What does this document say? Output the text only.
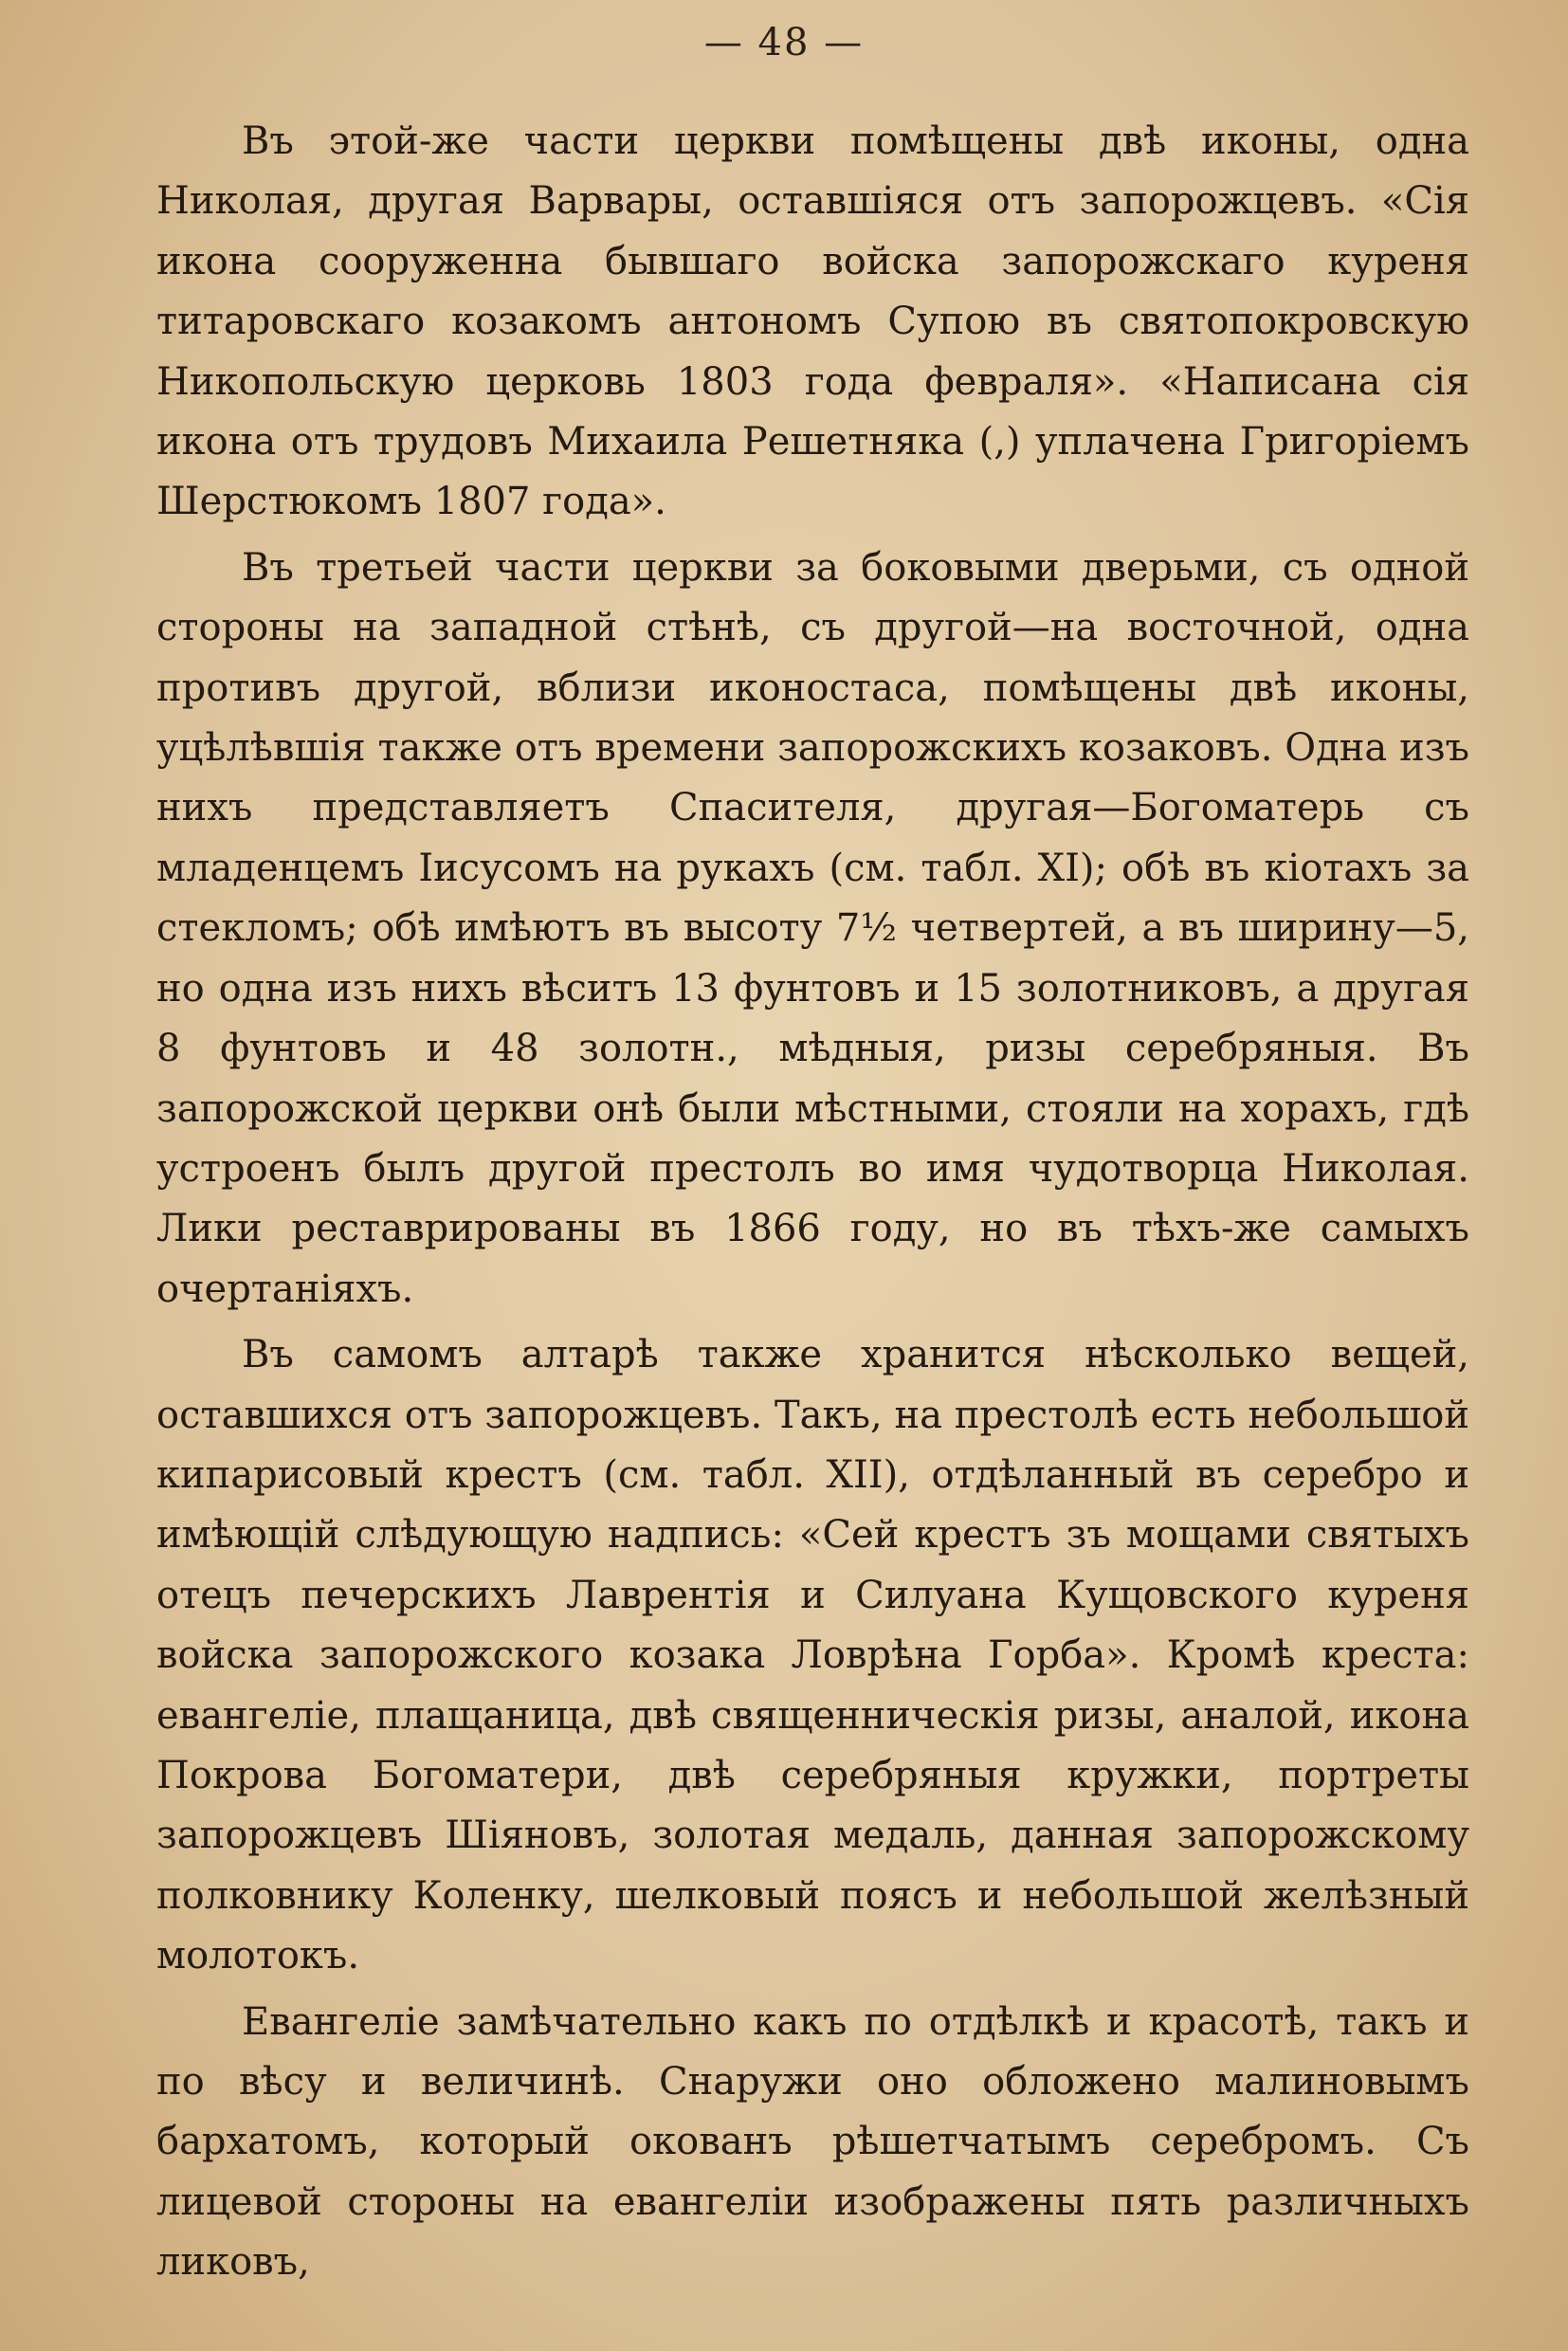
— 48 —

Въ этой-же части церкви помѣщены двѣ иконы, одна Николая, другая Варвары, оставшіяся отъ запорожцевъ. «Сія икона сооруженна бывшаго войска запорожскаго куреня титаровскаго козакомъ антономъ Супою въ святопокровскую Никопольскую церковь 1803 года февраля». «Написана сія икона отъ трудовъ Михаила Решетняка (,) уплачена Григоріемъ Шерстюкомъ 1807 года».

Въ третьей части церкви за боковыми дверьми, съ одной стороны на западной стѣнѣ, съ другой—на восточной, одна противъ другой, вблизи иконостаса, помѣщены двѣ иконы, уцѣлѣвшія также отъ времени запорожскихъ козаковъ. Одна изъ нихъ представляетъ Спасителя, другая—Богоматерь съ младенцемъ Іисусомъ на рукахъ (см. табл. XI); обѣ въ кіотахъ за стекломъ; обѣ имѣютъ въ высоту 7½ четвертей, а въ ширину—5, но одна изъ нихъ вѣситъ 13 фунтовъ и 15 золотниковъ, а другая 8 фунтовъ и 48 золотн., мѣдныя, ризы серебряныя. Въ запорожской церкви онѣ были мѣстными, стояли на хорахъ, гдѣ устроенъ былъ другой престолъ во имя чудотворца Николая. Лики реставрированы въ 1866 году, но въ тѣхъ-же самыхъ очертаніяхъ.

Въ самомъ алтарѣ также хранится нѣсколько вещей, оставшихся отъ запорожцевъ. Такъ, на престолѣ есть небольшой кипарисовый крестъ (см. табл. XII), отдѣланный въ серебро и имѣющій слѣдующую надпись: «Сей крестъ зъ мощами святыхъ отецъ печерскихъ Лаврентія и Силуана Кущовского куреня войска запорожского козака Ловрѣна Горба». Кромѣ креста: евангеліе, плащаница, двѣ священническія ризы, аналой, икона Покрова Богоматери, двѣ серебряныя кружки, портреты запорожцевъ Шіяновъ, золотая медаль, данная запорожскому полковнику Коленку, шелковый поясъ и небольшой желѣзный молотокъ.

Евангеліе замѣчательно какъ по отдѣлкѣ и красотѣ, такъ и по вѣсу и величинѣ. Снаружи оно обложено малиновымъ бархатомъ, который окованъ рѣшетчатымъ серебромъ. Съ лицевой стороны на евангеліи изображены пять различныхъ ликовъ,
